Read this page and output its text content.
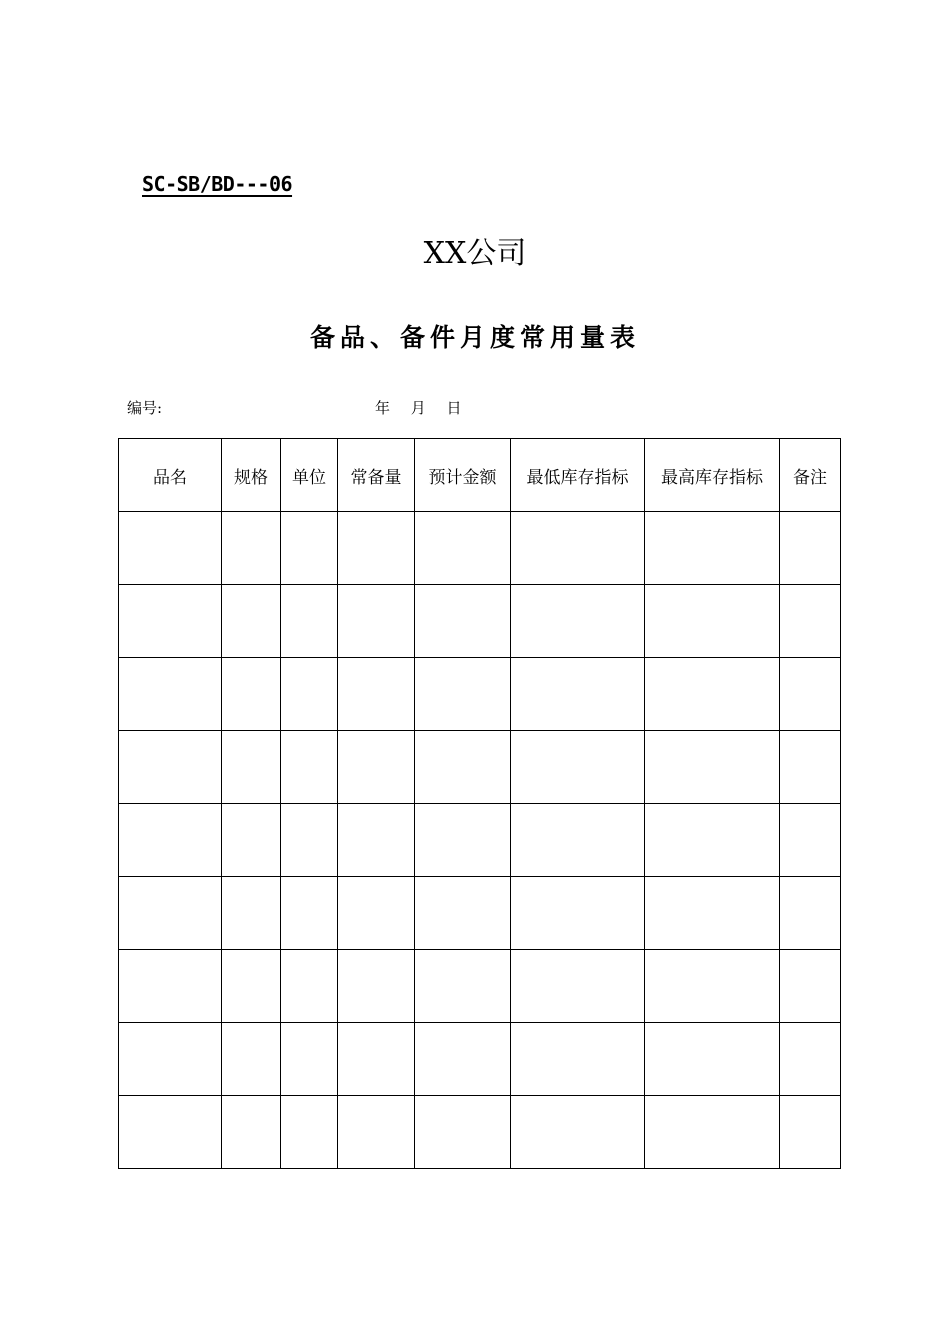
SC-SB/BD---06
XX公司
备品、备件月度常用量表
编号:	年 月 日
品名	规格	单位	常备量	预计金额	最低库存指标	最高库存指标	备注
